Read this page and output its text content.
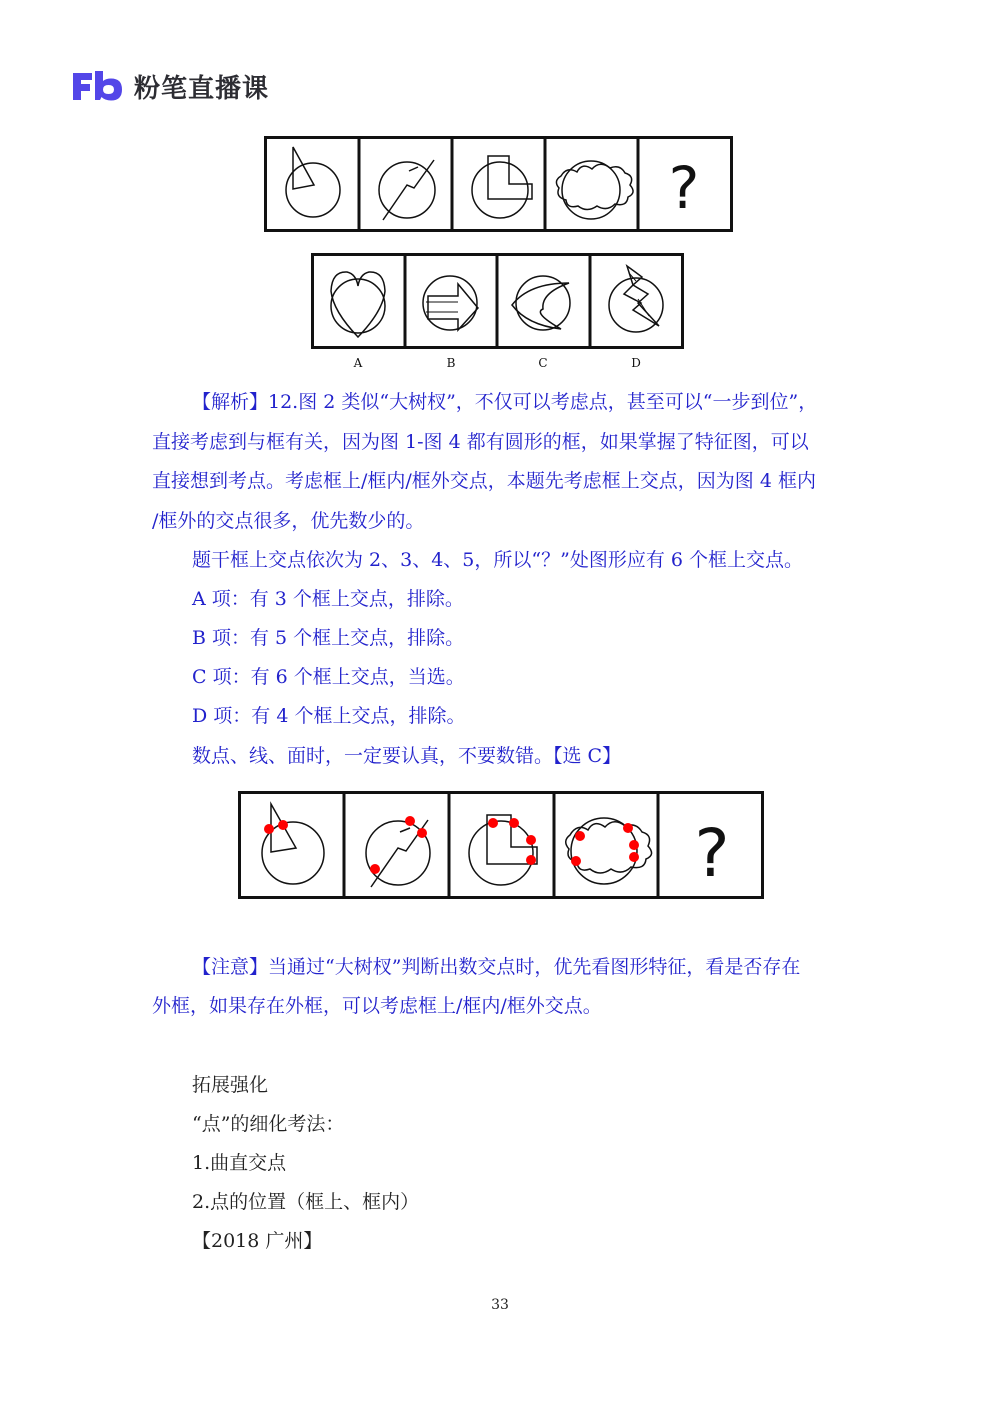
粉笔直播课
?
A	B	C	D
【解析】12.图 2 类似“大树杈”，不仅可以考虑点，甚至可以“一步到位”，
直接考虑到与框有关，因为图 1-图 4 都有圆形的框，如果掌握了特征图，可以
直接想到考点。考虑框上/框内/框外交点，本题先考虑框上交点，因为图 4 框内
/框外的交点很多，优先数少的。
题干框上交点依次为 2、3、4、5，所以“？”处图形应有 6 个框上交点。
A 项：有 3 个框上交点，排除。
B 项：有 5 个框上交点，排除。
C 项：有 6 个框上交点，当选。
D 项：有 4 个框上交点，排除。
数点、线、面时，一定要认真，不要数错。【选 C】
?
【注意】当通过“大树杈”判断出数交点时，优先看图形特征，看是否存在
外框，如果存在外框，可以考虑框上/框内/框外交点。
拓展强化
“点”的细化考法：
1.曲直交点
2.点的位置（框上、框内）
【2018 广州】
33
